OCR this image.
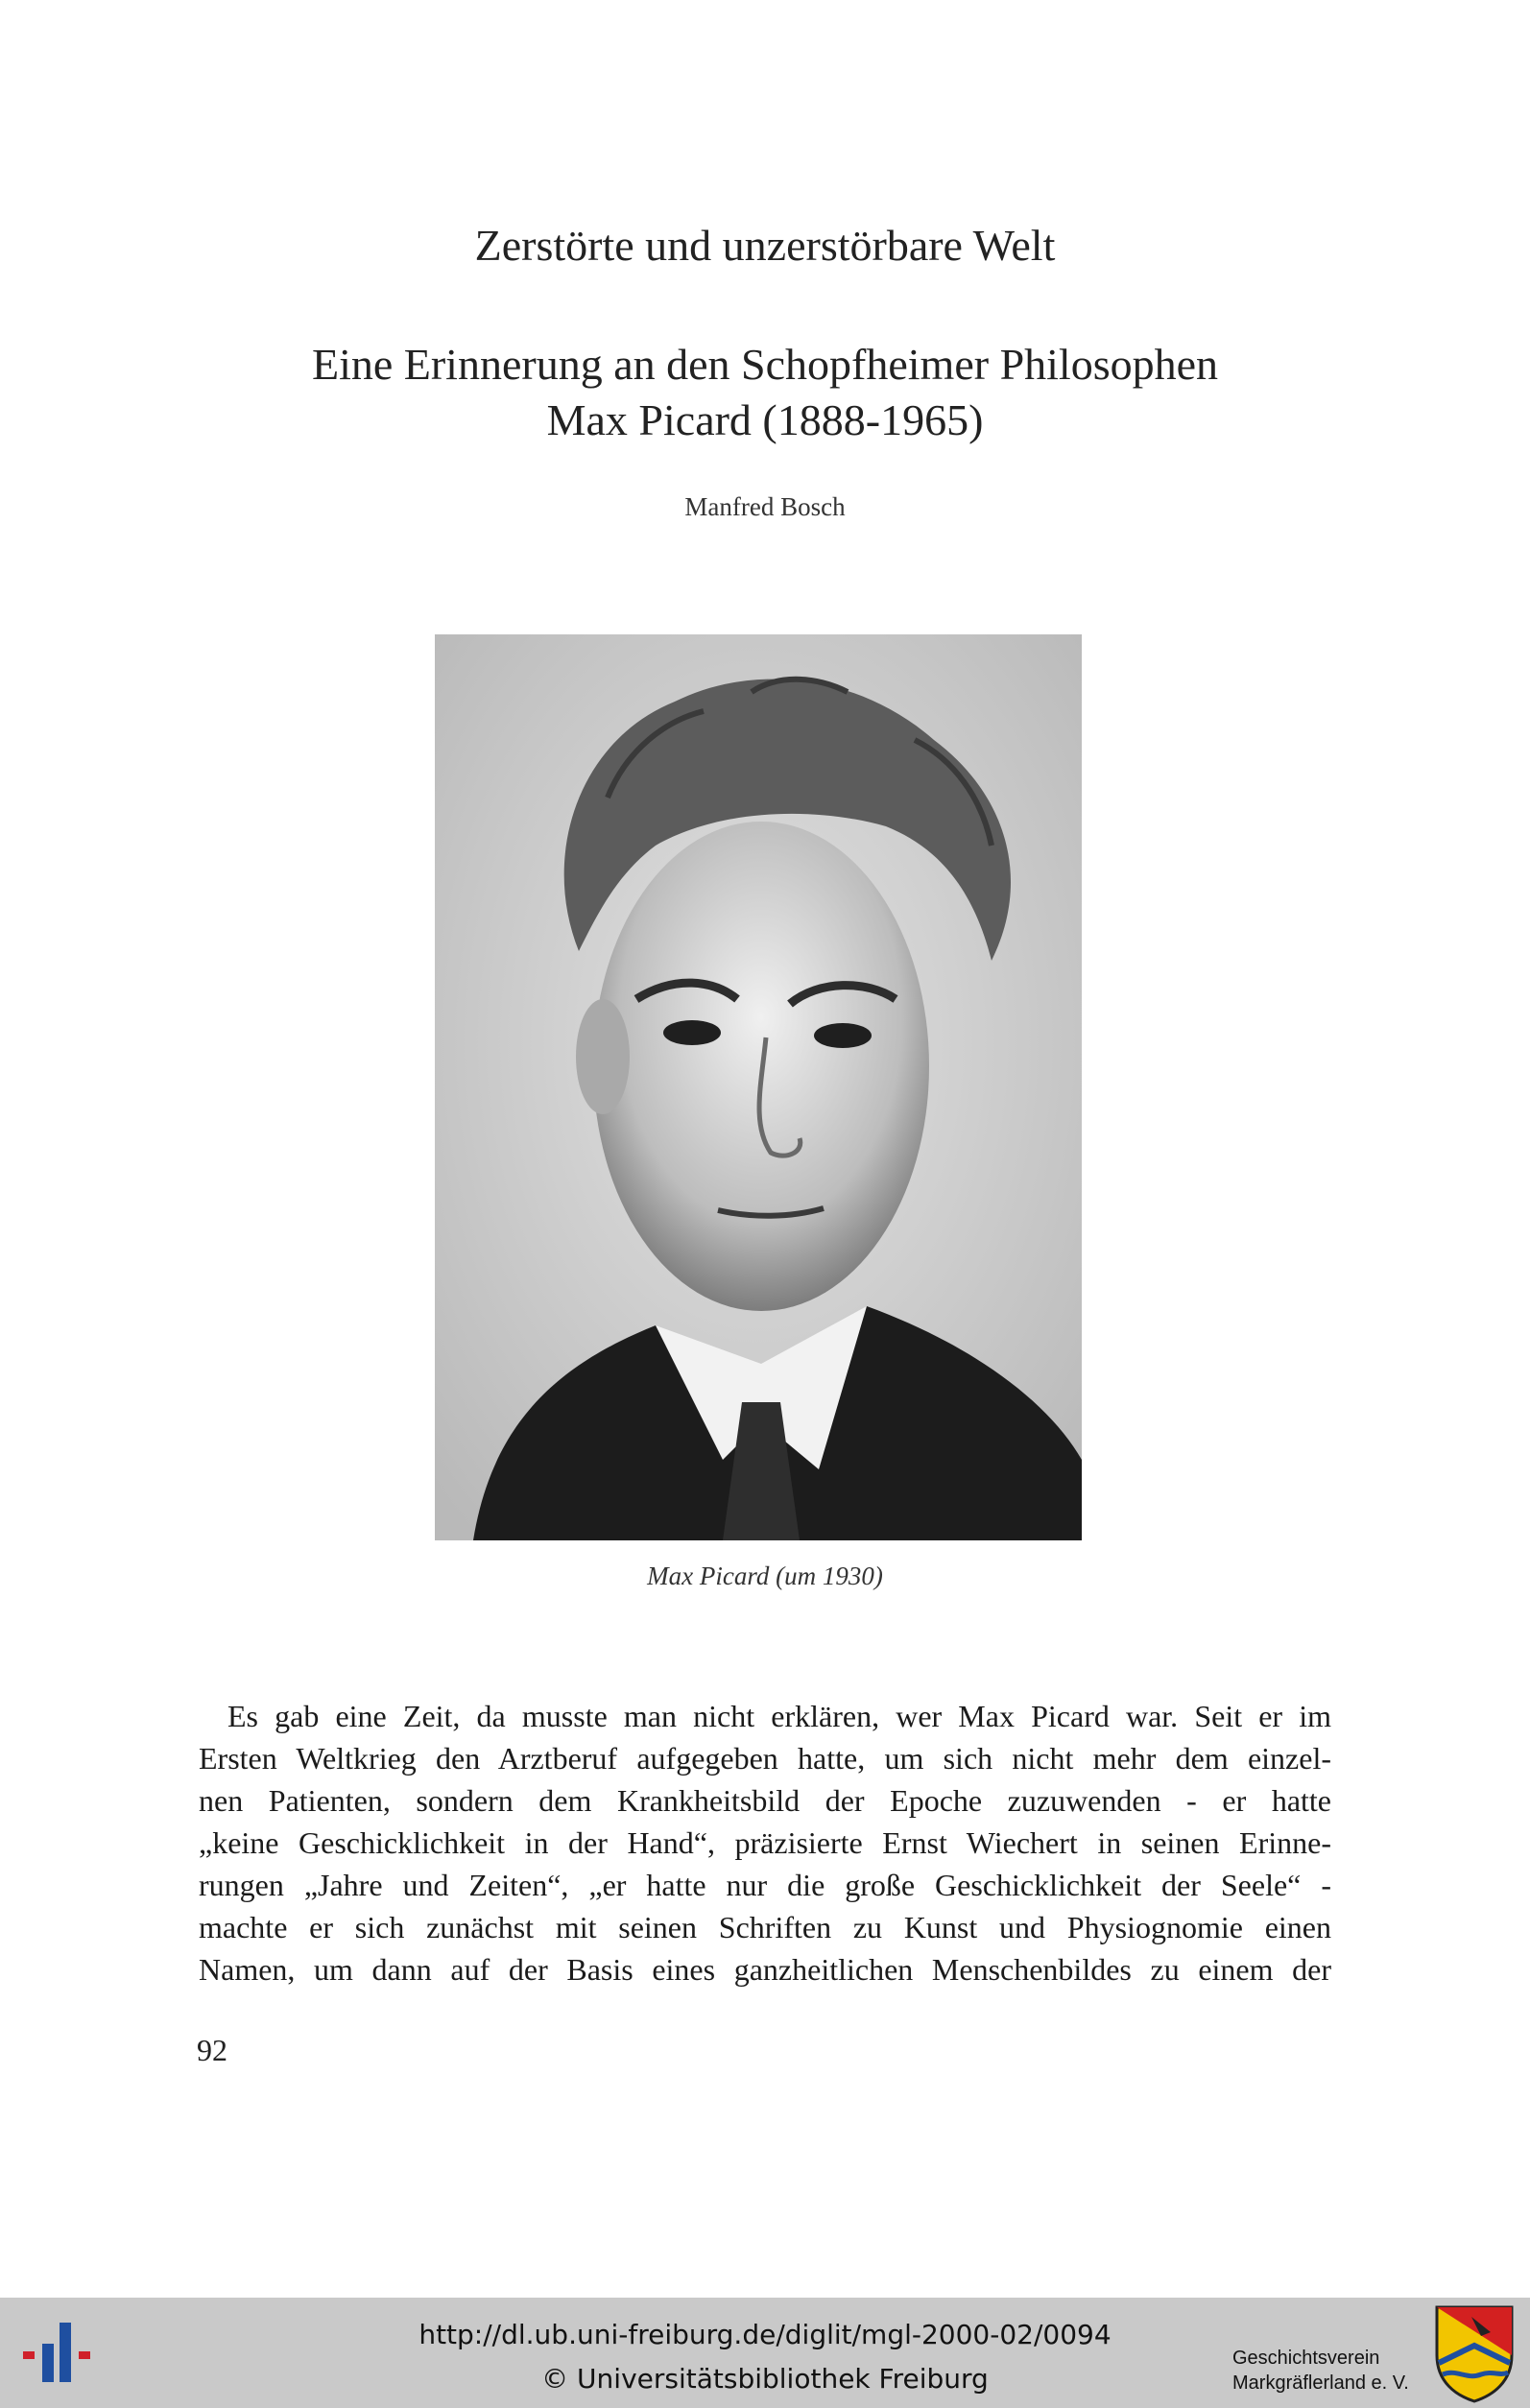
Zerstörte und unzerstörbare Welt
Eine Erinnerung an den Schopfheimer Philosophen
Max Picard (1888-1965)
Manfred Bosch
Max Picard (um 1930)
Es gab eine Zeit, da musste man nicht erklären, wer Max Picard war. Seit er im
Ersten Weltkrieg den Arztberuf aufgegeben hatte, um sich nicht mehr dem einzel-
nen Patienten, sondern dem Krankheitsbild der Epoche zuzuwenden - er hatte
„keine Geschicklichkeit in der Hand“, präzisierte Ernst Wiechert in seinen Erinne-
rungen „Jahre und Zeiten“, „er hatte nur die große Geschicklichkeit der Seele“ -
machte er sich zunächst mit seinen Schriften zu Kunst und Physiognomie einen
Namen, um dann auf der Basis eines ganzheitlichen Menschenbildes zu einem der
92
http://dl.ub.uni-freiburg.de/diglit/mgl-2000-02/0094
© Universitätsbibliothek Freiburg
Geschichtsverein
Markgräflerland e. V.
